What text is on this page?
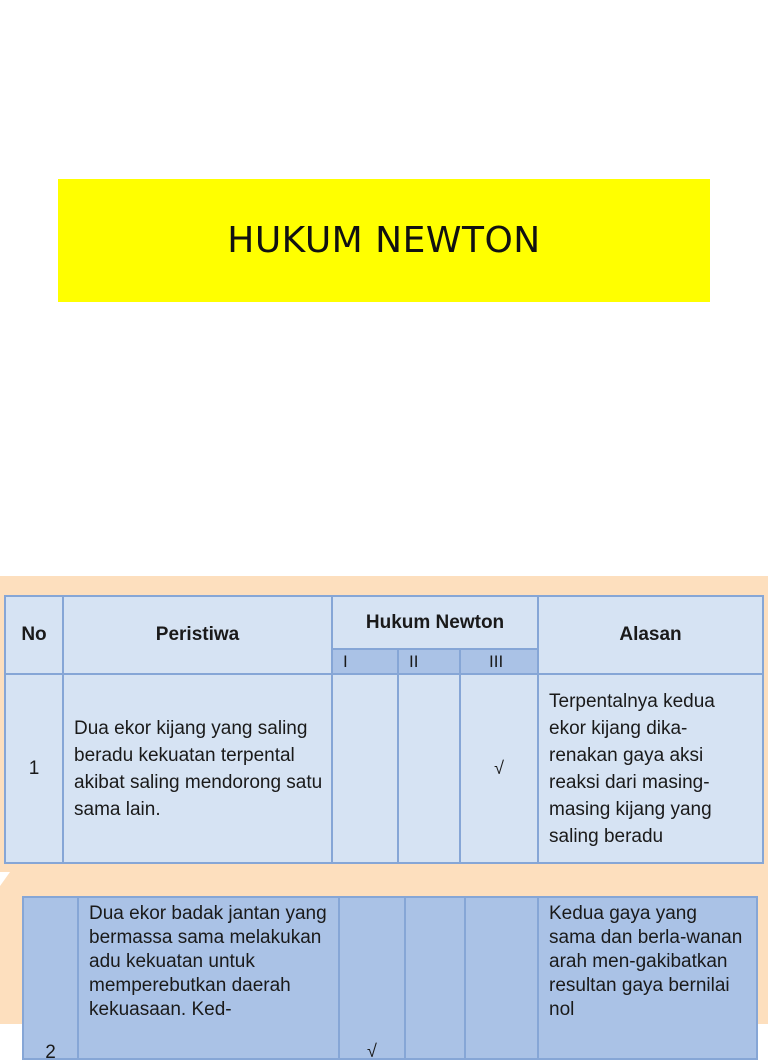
HUKUM NEWTON
No	Peristiwa	Hukum Newton			Alasan
		I	II	III	
1	Dua ekor kijang yang saling beradu kekuatan terpental akibat saling mendorong satu sama lain.			√	Terpentalnya kedua ekor kijang dika-renakan gaya aksi reaksi dari masing-masing kijang yang saling beradu
2	Dua ekor badak jantan yang bermassa sama melakukan adu kekuatan untuk memperebutkan daerah kekuasaan. Ked-	√			Kedua gaya yang sama dan berla-wanan arah men-gakibatkan resultan gaya bernilai nol
